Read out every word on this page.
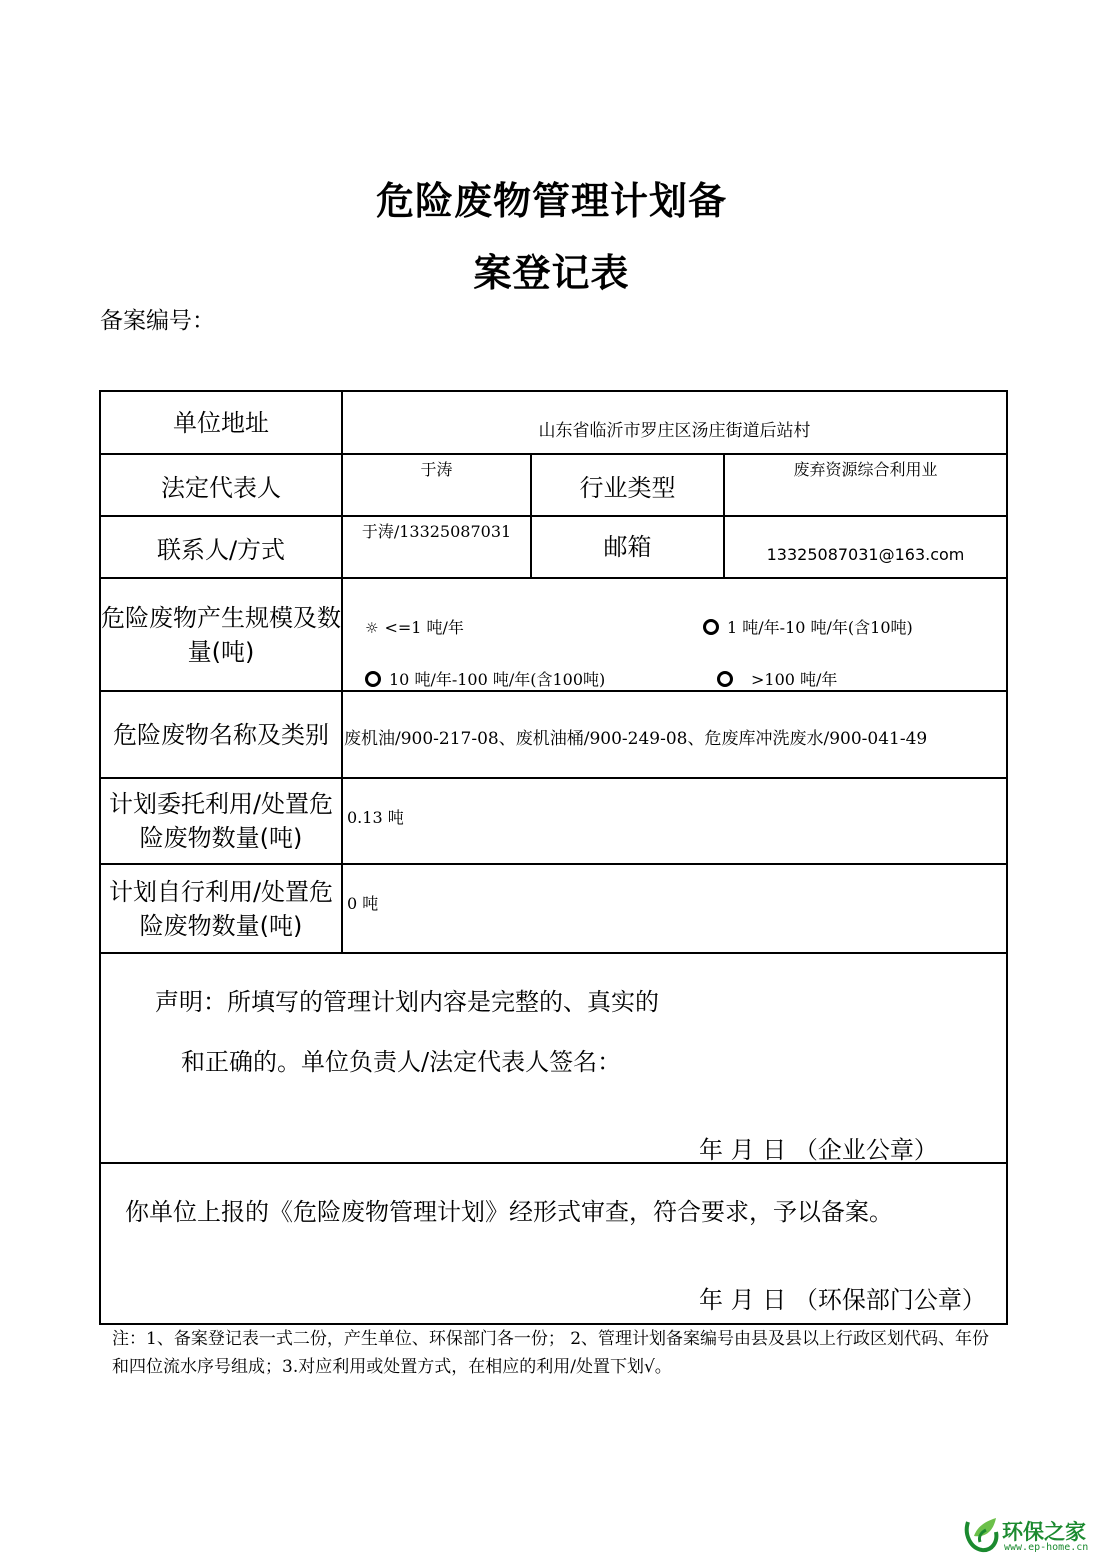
危险废物管理计划备
案登记表
备案编号：
单位地址	山东省临沂市罗庄区汤庄街道后站村		
法定代表人	于涛	行业类型	废弃资源综合利用业

联系人/方式	于涛/13325087031	邮箱	13325087031@163.com
危险废物产生规模及数量(吨)	☼ <=1 吨/年 1 吨/年-10 吨/年(含10吨)
10 吨/年-100 吨/年(含100吨) >100 吨/年		

危险废物名称及类别	废机油/900-217-08、废机油桶/900-249-08、危废库冲洗废水/900-041-49		
计划委托利用/处置危险废物数量(吨)	0.13 吨		
计划自行利用/处置危险废物数量(吨)	0 吨		

声明：所填写的管理计划内容是完整的、真实的
和正确的。单位负责人/法定代表人签名：
年 月 日 （企业公章）			

你单位上报的《危险废物管理计划》经形式审查，符合要求，予以备案。
年 月 日 （环保部门公章）			
注：1、备案登记表一式二份，产生单位、环保部门各一份； 2、管理计划备案编号由县及县以上行政区划代码、年份和四位流水序号组成；3.对应利用或处置方式，在相应的利用/处置下划√。
环保之家
www.ep-home.cn
